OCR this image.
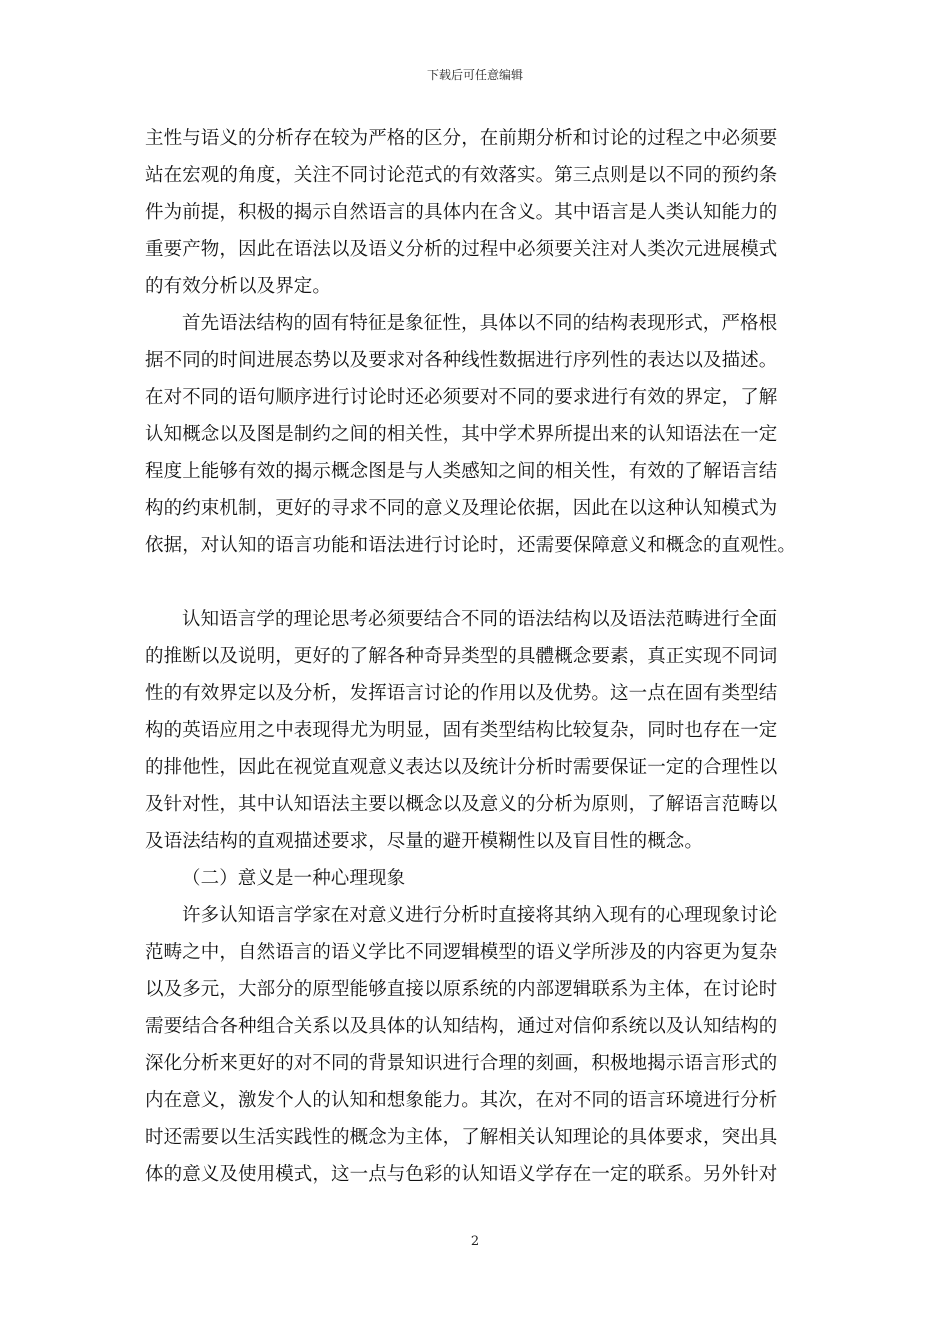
下载后可任意编辑
主性与语义的分析存在较为严格的区分，在前期分析和讨论的过程之中必须要
站在宏观的角度，关注不同讨论范式的有效落实。第三点则是以不同的预约条
件为前提，积极的揭示自然语言的具体内在含义。其中语言是人类认知能力的
重要产物，因此在语法以及语义分析的过程中必须要关注对人类次元进展模式
的有效分析以及界定。
首先语法结构的固有特征是象征性，具体以不同的结构表现形式，严格根
据不同的时间进展态势以及要求对各种线性数据进行序列性的表达以及描述。
在对不同的语句顺序进行讨论时还必须要对不同的要求进行有效的界定，了解
认知概念以及图是制约之间的相关性，其中学术界所提出来的认知语法在一定
程度上能够有效的揭示概念图是与人类感知之间的相关性，有效的了解语言结
构的约束机制，更好的寻求不同的意义及理论依据，因此在以这种认知模式为
依据，对认知的语言功能和语法进行讨论时，还需要保障意义和概念的直观性。
认知语言学的理论思考必须要结合不同的语法结构以及语法范畴进行全面
的推断以及说明，更好的了解各种奇异类型的具體概念要素，真正实现不同词
性的有效界定以及分析，发挥语言讨论的作用以及优势。这一点在固有类型结
构的英语应用之中表现得尤为明显，固有类型结构比较复杂，同时也存在一定
的排他性，因此在视觉直观意义表达以及统计分析时需要保证一定的合理性以
及针对性，其中认知语法主要以概念以及意义的分析为原则，了解语言范畴以
及语法结构的直观描述要求，尽量的避开模糊性以及盲目性的概念。
（二）意义是一种心理现象
许多认知语言学家在对意义进行分析时直接将其纳入现有的心理现象讨论
范畴之中，自然语言的语义学比不同逻辑模型的语义学所涉及的内容更为复杂
以及多元，大部分的原型能够直接以原系统的内部逻辑联系为主体，在讨论时
需要结合各种组合关系以及具体的认知结构，通过对信仰系统以及认知结构的
深化分析来更好的对不同的背景知识进行合理的刻画，积极地揭示语言形式的
内在意义，激发个人的认知和想象能力。其次，在对不同的语言环境进行分析
时还需要以生活实践性的概念为主体，了解相关认知理论的具体要求，突出具
体的意义及使用模式，这一点与色彩的认知语义学存在一定的联系。另外针对
2
